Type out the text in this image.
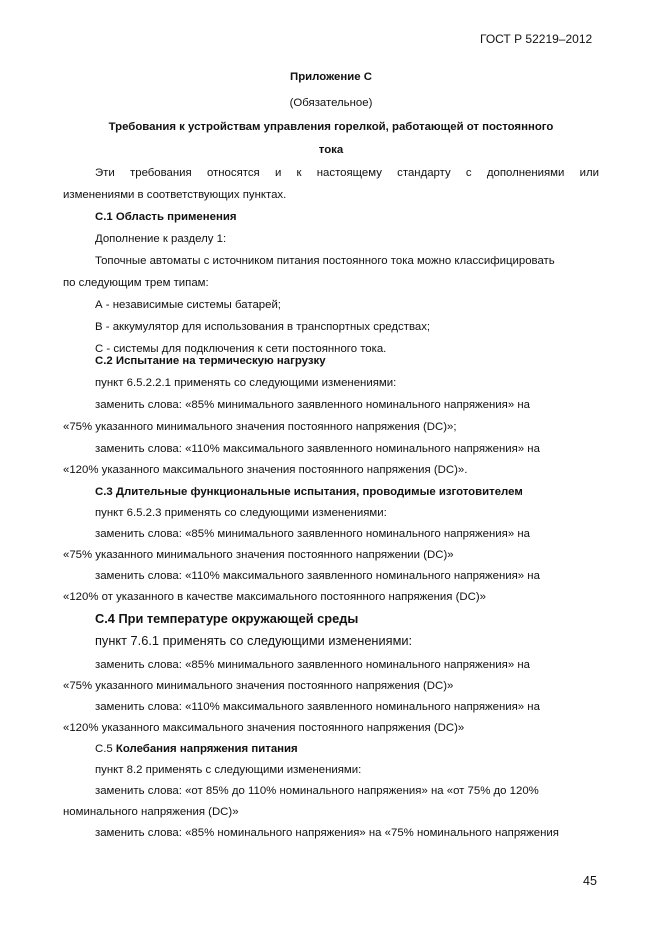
ГОСТ Р 52219–2012
Приложение С
(Обязательное)
Требования к устройствам управления горелкой, работающей от постоянного
тока
Эти требования относятся и к настоящему стандарту с дополнениями или
изменениями в соответствующих пунктах.
С.1 Область применения
Дополнение к разделу 1:
Топочные автоматы с источником питания постоянного тока можно классифицировать
по следующим трем типам:
А - независимые системы батарей;
В - аккумулятор для использования в транспортных средствах;
С - системы для подключения к сети постоянного тока.
С.2 Испытание на термическую нагрузку
пункт 6.5.2.2.1 применять со следующими изменениями:
заменить слова: «85% минимального заявленного номинального напряжения» на
«75% указанного минимального значения постоянного напряжения (DC)»;
заменить слова: «110% максимального заявленного номинального напряжения» на
«120% указанного максимального значения постоянного напряжения (DC)».
С.3 Длительные функциональные испытания, проводимые изготовителем
пункт 6.5.2.3 применять со следующими изменениями:
заменить слова: «85% минимального заявленного номинального напряжения» на
«75% указанного минимального значения постоянного напряжении (DC)»
заменить слова: «110% максимального заявленного номинального напряжения» на
«120% от указанного в качестве максимального постоянного напряжения (DC)»
С.4 При температуре окружающей среды
пункт 7.6.1 применять со следующими изменениями:
заменить слова: «85% минимального заявленного номинального напряжения» на
«75% указанного минимального значения постоянного напряжения (DC)»
заменить слова: «110% максимального заявленного номинального напряжения» на
«120% указанного максимального значения постоянного напряжения (DC)»
С.5 Колебания напряжения питания
пункт 8.2 применять с следующими изменениями:
заменить слова: «от 85% до 110% номинального напряжения» на «от 75% до 120%
номинального напряжения (DC)»
заменить слова: «85% номинального напряжения» на «75% номинального напряжения
45
